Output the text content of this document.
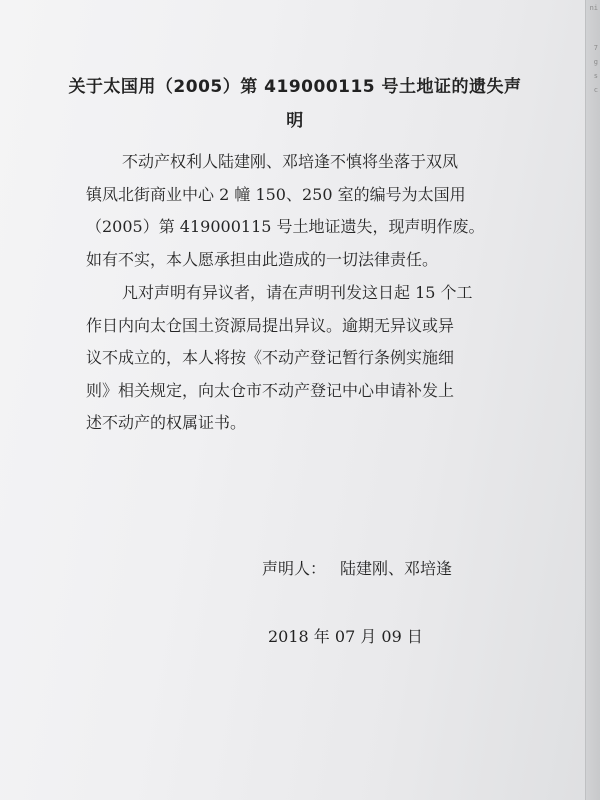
ni
7
g
s
c
关于太国用（2005）第 419000115 号土地证的遗失声
明
不动产权利人陆建刚、邓培逢不慎将坐落于双凤
镇凤北街商业中心 2 幢 150、250 室的编号为太国用
（2005）第 419000115 号土地证遗失，现声明作废。
如有不实，本人愿承担由此造成的一切法律责任。
凡对声明有异议者，请在声明刊发这日起 15 个工
作日内向太仓国土资源局提出异议。逾期无异议或异
议不成立的，本人将按《不动产登记暂行条例实施细
则》相关规定，向太仓市不动产登记中心申请补发上
述不动产的权属证书。
声明人： 陆建刚、邓培逢
2018 年 07 月 09 日
